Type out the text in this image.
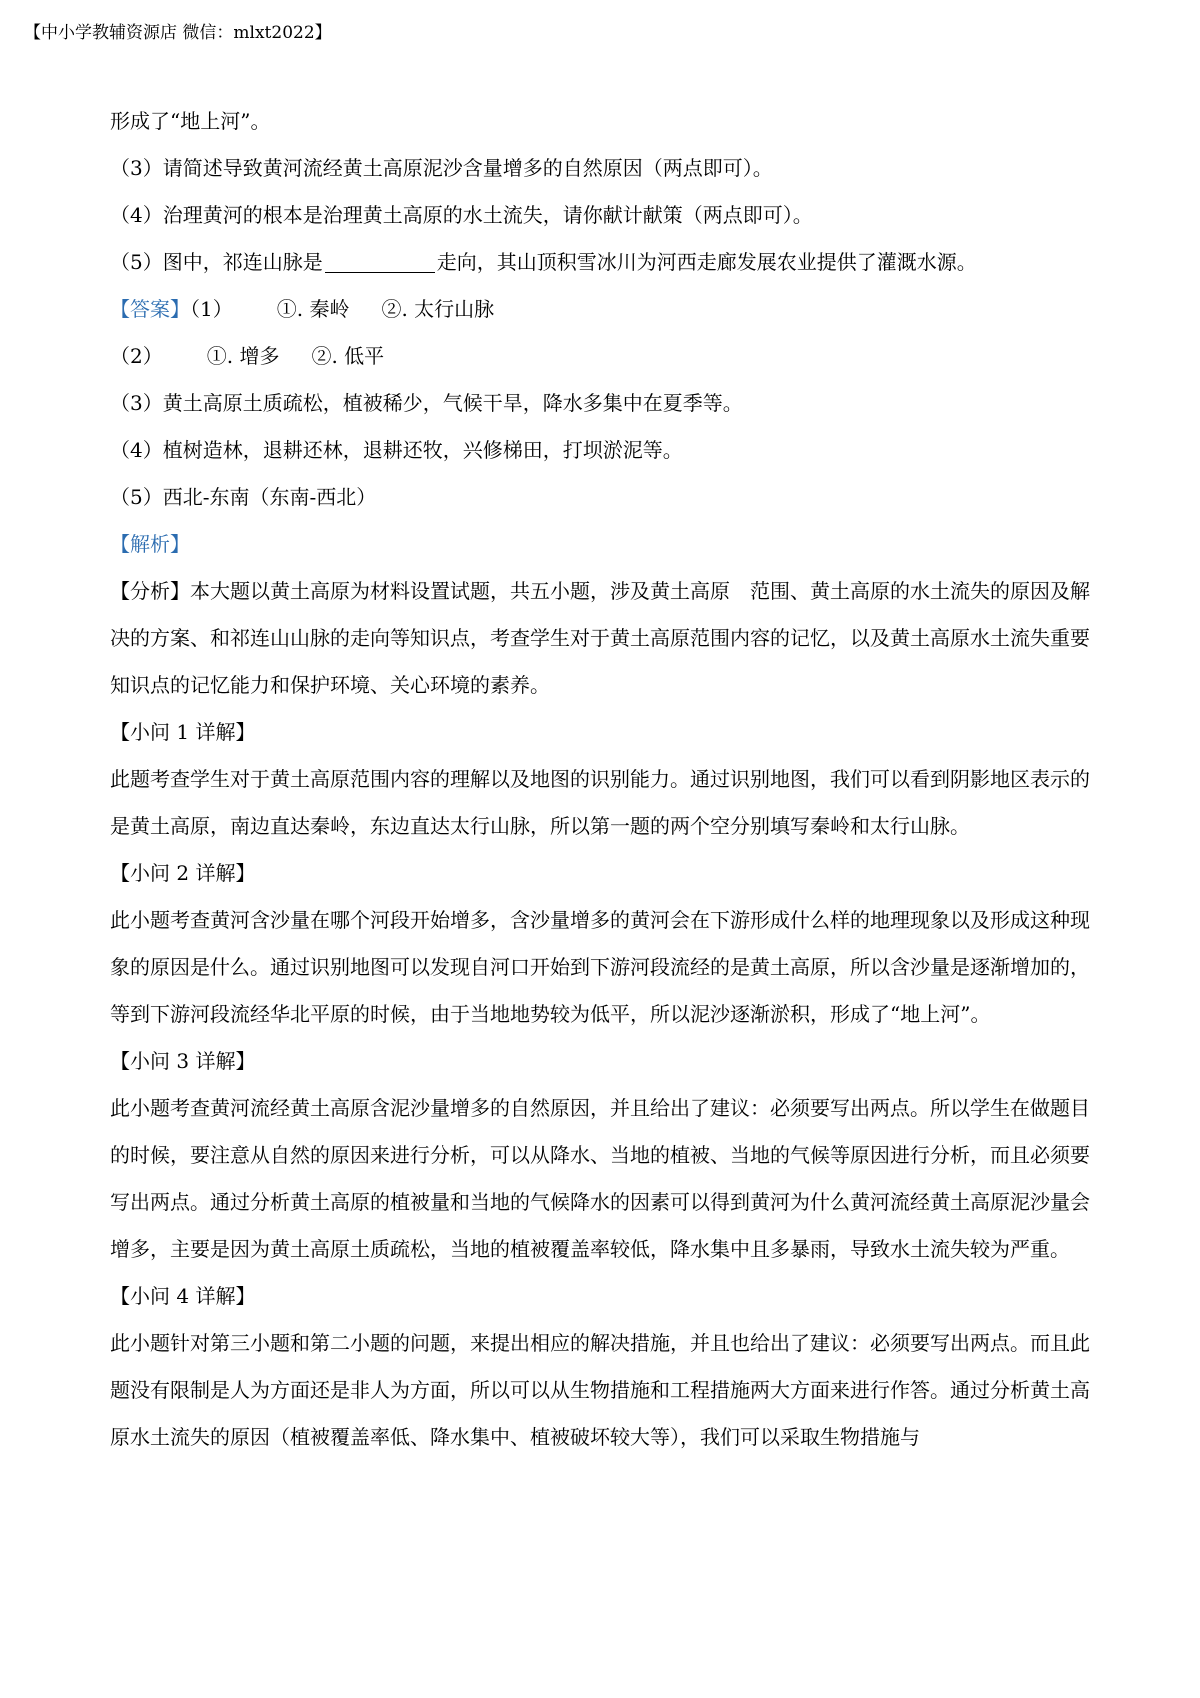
【中小学教辅资源店 微信：mlxt2022】
形成了“地上河”。
（3）请简述导致黄河流经黄土高原泥沙含量增多的自然原因（两点即可）。
（4）治理黄河的根本是治理黄土高原的水土流失，请你献计献策（两点即可）。
（5）图中，祁连山脉是	走向，其山顶积雪冰川为河西走廊发展农业提供了灌溉水源。
【答案】（1） ①. 秦岭 ②. 太行山脉
（2） ①. 增多 ②. 低平
（3）黄土高原土质疏松，植被稀少，气候干旱，降水多集中在夏季等。
（4）植树造林，退耕还林，退耕还牧，兴修梯田，打坝淤泥等。
（5）西北-东南（东南-西北）
【解析】
【分析】本大题以黄土高原为材料设置试题，共五小题，涉及黄土高原　范围、黄土高原的水土流失的原因及解决的方案、和祁连山山脉的走向等知识点，考查学生对于黄土高原范围内容的记忆，以及黄土高原水土流失重要知识点的记忆能力和保护环境、关心环境的素养。
【小问 1 详解】
此题考查学生对于黄土高原范围内容的理解以及地图的识别能力。通过识别地图，我们可以看到阴影地区表示的是黄土高原，南边直达秦岭，东边直达太行山脉，所以第一题的两个空分别填写秦岭和太行山脉。
【小问 2 详解】
此小题考查黄河含沙量在哪个河段开始增多，含沙量增多的黄河会在下游形成什么样的地理现象以及形成这种现象的原因是什么。通过识别地图可以发现自河口开始到下游河段流经的是黄土高原，所以含沙量是逐渐增加的，等到下游河段流经华北平原的时候，由于当地地势较为低平，所以泥沙逐渐淤积，形成了“地上河”。
【小问 3 详解】
此小题考查黄河流经黄土高原含泥沙量增多的自然原因，并且给出了建议：必须要写出两点。所以学生在做题目的时候，要注意从自然的原因来进行分析，可以从降水、当地的植被、当地的气候等原因进行分析，而且必须要写出两点。通过分析黄土高原的植被量和当地的气候降水的因素可以得到黄河为什么黄河流经黄土高原泥沙量会增多，主要是因为黄土高原土质疏松，当地的植被覆盖率较低，降水集中且多暴雨，导致水土流失较为严重。
【小问 4 详解】
此小题针对第三小题和第二小题的问题，来提出相应的解决措施，并且也给出了建议：必须要写出两点。而且此题没有限制是人为方面还是非人为方面，所以可以从生物措施和工程措施两大方面来进行作答。通过分析黄土高原水土流失的原因（植被覆盖率低、降水集中、植被破坏较大等），我们可以采取生物措施与
